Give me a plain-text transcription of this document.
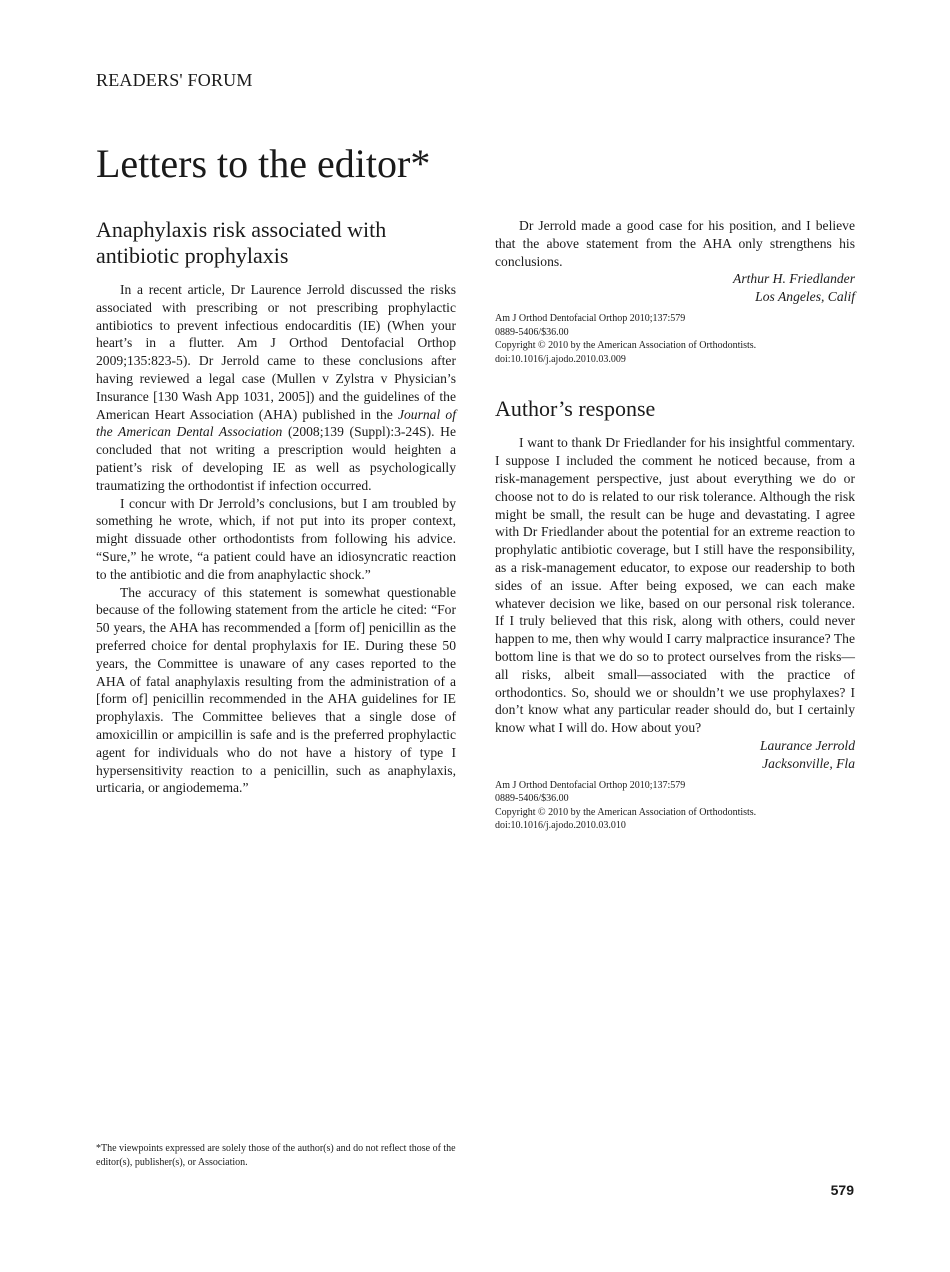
READERS' FORUM
Letters to the editor*
Anaphylaxis risk associated with antibiotic prophylaxis

In a recent article, Dr Laurence Jerrold discussed the risks associated with prescribing or not prescribing prophylactic antibiotics to prevent infectious endocarditis (IE) (When your heart’s in a flutter. Am J Orthod Dentofacial Orthop 2009;135:823-5). Dr Jerrold came to these conclusions after having reviewed a legal case (Mullen v Zylstra v Physician’s Insurance [130 Wash App 1031, 2005]) and the guidelines of the American Heart Association (AHA) published in the Journal of the American Dental Association (2008;139 (Suppl):3-24S). He concluded that not writing a prescription would heighten a patient’s risk of developing IE as well as psychologically traumatizing the orthodontist if infection occurred.

I concur with Dr Jerrold’s conclusions, but I am troubled by something he wrote, which, if not put into its proper context, might dissuade other orthodontists from following his advice. “Sure,” he wrote, “a patient could have an idiosyncratic reaction to the antibiotic and die from anaphylactic shock.”

The accuracy of this statement is somewhat questionable because of the following statement from the article he cited: “For 50 years, the AHA has recommended a [form of] penicillin as the preferred choice for dental prophylaxis for IE. During these 50 years, the Committee is unaware of any cases reported to the AHA of fatal anaphylaxis resulting from the administration of a [form of] penicillin recommended in the AHA guidelines for IE prophylaxis. The Committee believes that a single dose of amoxicillin or ampicillin is safe and is the preferred prophylactic agent for individuals who do not have a history of type I hypersensitivity reaction to a penicillin, such as anaphylaxis, urticaria, or angiodemema.”

Dr Jerrold made a good case for his position, and I believe that the above statement from the AHA only strengthens his conclusions.

Arthur H. Friedlander
Los Angeles, Calif
Am J Orthod Dentofacial Orthop 2010;137:579
0889-5406/$36.00
Copyright © 2010 by the American Association of Orthodontists.
doi:10.1016/j.ajodo.2010.03.009
Author’s response

I want to thank Dr Friedlander for his insightful commentary. I suppose I included the comment he noticed because, from a risk-management perspective, just about everything we do or choose not to do is related to our risk tolerance. Although the risk might be small, the result can be huge and devastating. I agree with Dr Friedlander about the potential for an extreme reaction to prophylatic antibiotic coverage, but I still have the responsibility, as a risk-management educator, to expose our readership to both sides of an issue. After being exposed, we can each make whatever decision we like, based on our personal risk tolerance. If I truly believed that this risk, along with others, could never happen to me, then why would I carry malpractice insurance? The bottom line is that we do so to protect ourselves from the risks—all risks, albeit small—associated with the practice of orthodontics. So, should we or shouldn’t we use prophylaxes? I don’t know what any particular reader should do, but I certainly know what I will do. How about you?

Laurance Jerrold
Jacksonville, Fla
Am J Orthod Dentofacial Orthop 2010;137:579
0889-5406/$36.00
Copyright © 2010 by the American Association of Orthodontists.
doi:10.1016/j.ajodo.2010.03.010
*The viewpoints expressed are solely those of the author(s) and do not reflect those of the editor(s), publisher(s), or Association.
579
